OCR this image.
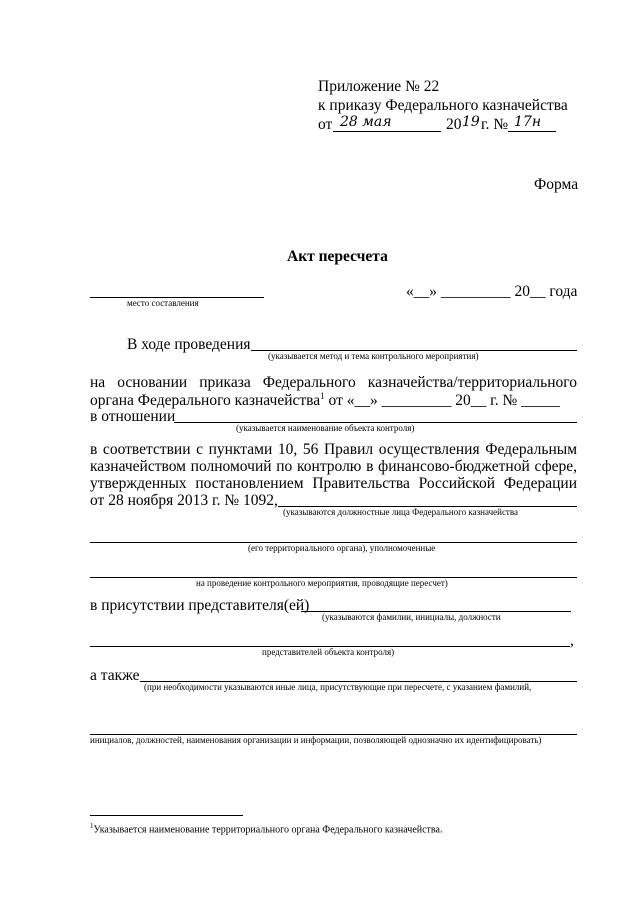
Приложение № 22
к приказу Федерального казначейства
от 28 мая	20 19 г. № 17н
Форма
Акт пересчета
место составления
«__» _________ 20__ года
В ходе проведения
(указывается метод и тема контрольного мероприятия)
на основании приказа Федерального казначейства/территориального
органа Федерального казначейства$^1$ от «__» _________ 20__ г. № _____
в отношении
(указывается наименование объекта контроля)
в соответствии с пунктами 10, 56 Правил осуществления Федеральным
казначейством полномочий по контролю в финансово-бюджетной сфере,
утвержденных постановлением Правительства Российской Федерации
от 28 ноября 2013 г. № 1092,
(указываются должностные лица Федерального казначейства
(его территориального органа), уполномоченные
на проведение контрольного мероприятия, проводящие пересчет)
в присутствии представителя(ей)
(указываются фамилии, инициалы, должности
,
представителей объекта контроля)
а также
(при необходимости указываются иные лица, присутствующие при пересчете, с указанием фамилий,
инициалов, должностей, наименования организации и информации, позволяющей однозначно их идентифицировать)
$^1$Указывается наименование территориального органа Федерального казначейства.
